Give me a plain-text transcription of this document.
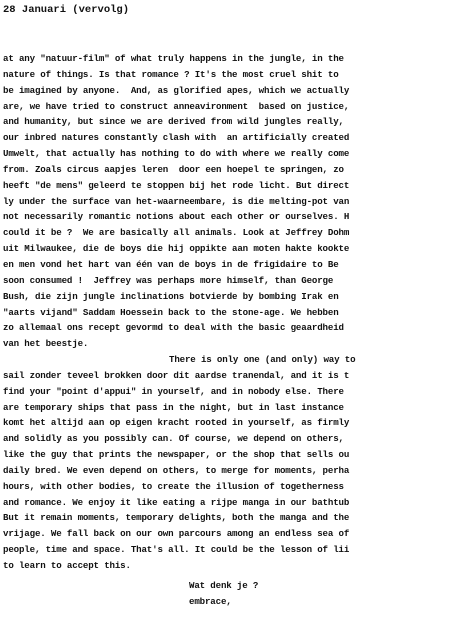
28 Januari (vervolg)
at any "natuur-film" of what truly happens in the jungle, in the
nature of things. Is that romance ? It's the most cruel shit to
be imagined by anyone.  And, as glorified apes, which we actually
are, we have tried to construct anneavironment  based on justice,
and humanity, but since we are derived from wild jungles really,
our inbred natures constantly clash with  an artificially created
Umwelt, that actually has nothing to do with where we really come
from. Zoals circus aapjes leren  door een hoepel te springen, zo
heeft "de mens" geleerd te stoppen bij het rode licht. But direct
ly under the surface van het-waarneembare, is die melting-pot van
not necessarily romantic notions about each other or ourselves. H
could it be ?  We are basically all animals. Look at Jeffrey Dohm
uit Milwaukee, die de boys die hij oppikte aan moten hakte kookte
en men vond het hart van één van de boys in de frigidaire to Be
soon consumed !  Jeffrey was perhaps more himself, than George
Bush, die zijn jungle inclinations botvierde by bombing Irak en
"aarts vijand" Saddam Hoessein back to the stone-age. We hebben
zo allemaal ons recept gevormd to deal with the basic geaardheid
van het beestje.
There is only one (and only) way to
sail zonder teveel brokken door dit aardse tranendal, and it is t
find your "point d'appui" in yourself, and in nobody else. There
are temporary ships that pass in the night, but in last instance
komt het altijd aan op eigen kracht rooted in yourself, as firmly
and solidly as you possibly can. Of course, we depend on others,
like the guy that prints the newspaper, or the shop that sells ou
daily bred. We even depend on others, to merge for moments, perha
hours, with other bodies, to create the illusion of togetherness
and romance. We enjoy it like eating a rijpe manga in our bathtub
But it remain moments, temporary delights, both the manga and the
vrijage. We fall back on our own parcours among an endless sea of
people, time and space. That's all. It could be the lesson of lii
to learn to accept this.
Wat denk je ?
embrace,
